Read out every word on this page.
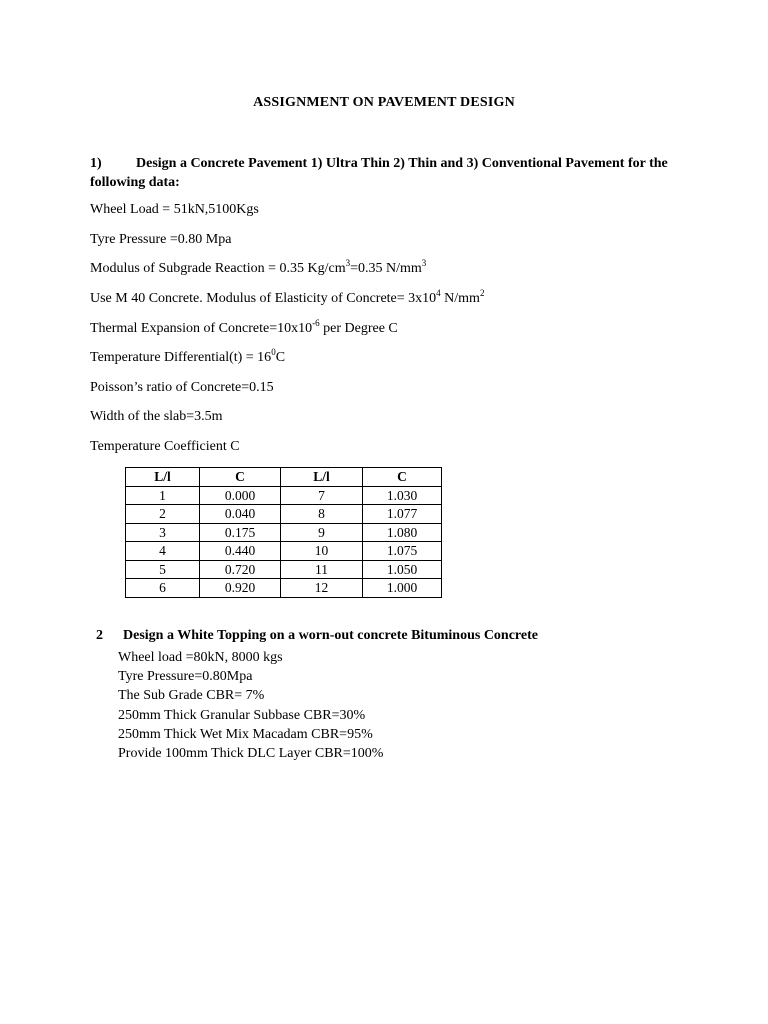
ASSIGNMENT ON PAVEMENT DESIGN
1) Design a Concrete Pavement 1) Ultra Thin 2) Thin and 3) Conventional Pavement for the following data:
Wheel Load = 51kN,5100Kgs
Tyre Pressure =0.80 Mpa
Modulus of Subgrade Reaction = 0.35 $Kg/cm^3=0.35$ $N/mm^3$
Use M 40 Concrete. Modulus of Elasticity of Concrete= $3x10^4$ $N/mm^2$
Thermal Expansion of $Concrete=10x10^{-6}$ per Degree C
Temperature Differential(t) = $16^0C$
Poisson’s ratio of Concrete=0.15
Width of the slab=3.5m
Temperature Coefficient C
L/l	C	L/l	C
1	0.000	7	1.030
2	0.040	8	1.077
3	0.175	9	1.080
4	0.440	10	1.075
5	0.720	11	1.050
6	0.920	12	1.000
2 Design a White Topping on a worn-out concrete Bituminous Concrete
Wheel load =80kN, 8000 kgs
Tyre Pressure=0.80Mpa
The Sub Grade CBR= 7%
250mm Thick Granular Subbase CBR=30%
250mm Thick Wet Mix Macadam CBR=95%
Provide 100mm Thick DLC Layer CBR=100%
